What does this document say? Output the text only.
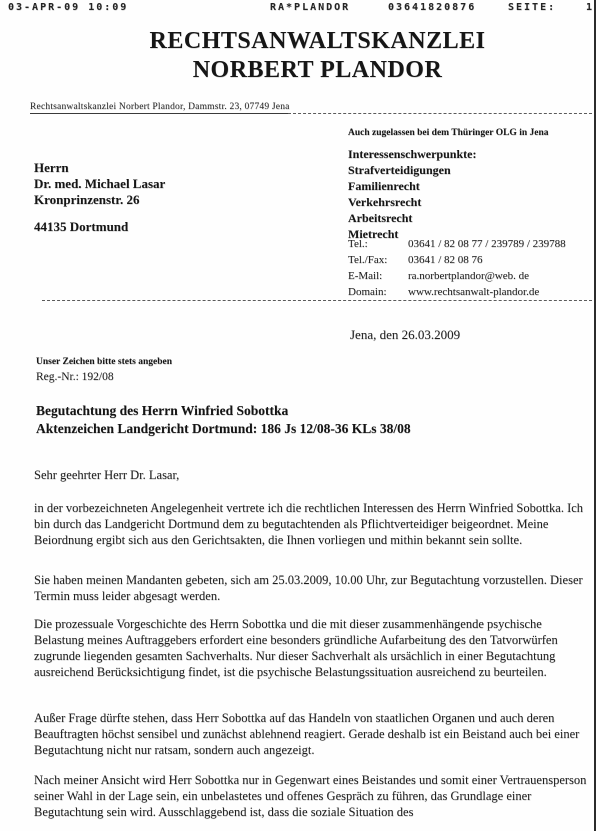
03-APR-09 10:09	RA*PLANDOR	03641820876	SEITE:	1
RECHTSANWALTSKANZLEI
NORBERT PLANDOR
Rechtsanwaltskanzlei Norbert Plandor, Dammstr. 23, 07749 Jena
Herrn
Dr. med. Michael Lasar
Kronprinzenstr. 26
44135 Dortmund
Auch zugelassen bei dem Thüringer OLG in Jena
Interessenschwerpunkte:
Strafverteidigungen
Familienrecht
Verkehrsrecht
Arbeitsrecht
Mietrecht
Tel.:	03641 / 82 08 77 / 239789 / 239788
Tel./Fax: 03641 / 82 08 76
E-Mail: ra.norbertplandor@web. de
Domain: www.rechtsanwalt-plandor.de
Jena, den 26.03.2009
Unser Zeichen bitte stets angeben
Reg.-Nr.: 192/08
Begutachtung des Herrn Winfried Sobottka
Aktenzeichen Landgericht Dortmund: 186 Js 12/08-36 KLs 38/08
Sehr geehrter Herr Dr. Lasar,

in der vorbezeichneten Angelegenheit vertrete ich die rechtlichen Interessen des Herrn Winfried Sobottka. Ich bin durch das Landgericht Dortmund dem zu begutachtenden als Pflichtverteidiger beigeordnet. Meine Beiordnung ergibt sich aus den Gerichtsakten, die Ihnen vorliegen und mithin bekannt sein sollte.

Sie haben meinen Mandanten gebeten, sich am 25.03.2009, 10.00 Uhr, zur Begutachtung vorzustellen. Dieser Termin muss leider abgesagt werden.

Die prozessuale Vorgeschichte des Herrn Sobottka und die mit dieser zusammenhängende psychische Belastung meines Auftraggebers erfordert eine besonders gründliche Aufarbeitung des den Tatvorwürfen zugrunde liegenden gesamten Sachverhalts. Nur dieser Sachverhalt als ursächlich in einer Begutachtung ausreichend Berücksichtigung findet, ist die psychische Belastungssituation ausreichend zu beurteilen.

Außer Frage dürfte stehen, dass Herr Sobottka auf das Handeln von staatlichen Organen und auch deren Beauftragten höchst sensibel und zunächst ablehnend reagiert. Gerade deshalb ist ein Beistand auch bei einer Begutachtung nicht nur ratsam, sondern auch angezeigt.

Nach meiner Ansicht wird Herr Sobottka nur in Gegenwart eines Beistandes und somit einer Vertrauensperson seiner Wahl in der Lage sein, ein unbelastetes und offenes Gespräch zu führen, das Grundlage einer Begutachtung sein wird. Ausschlaggebend ist, dass die soziale Situation des
